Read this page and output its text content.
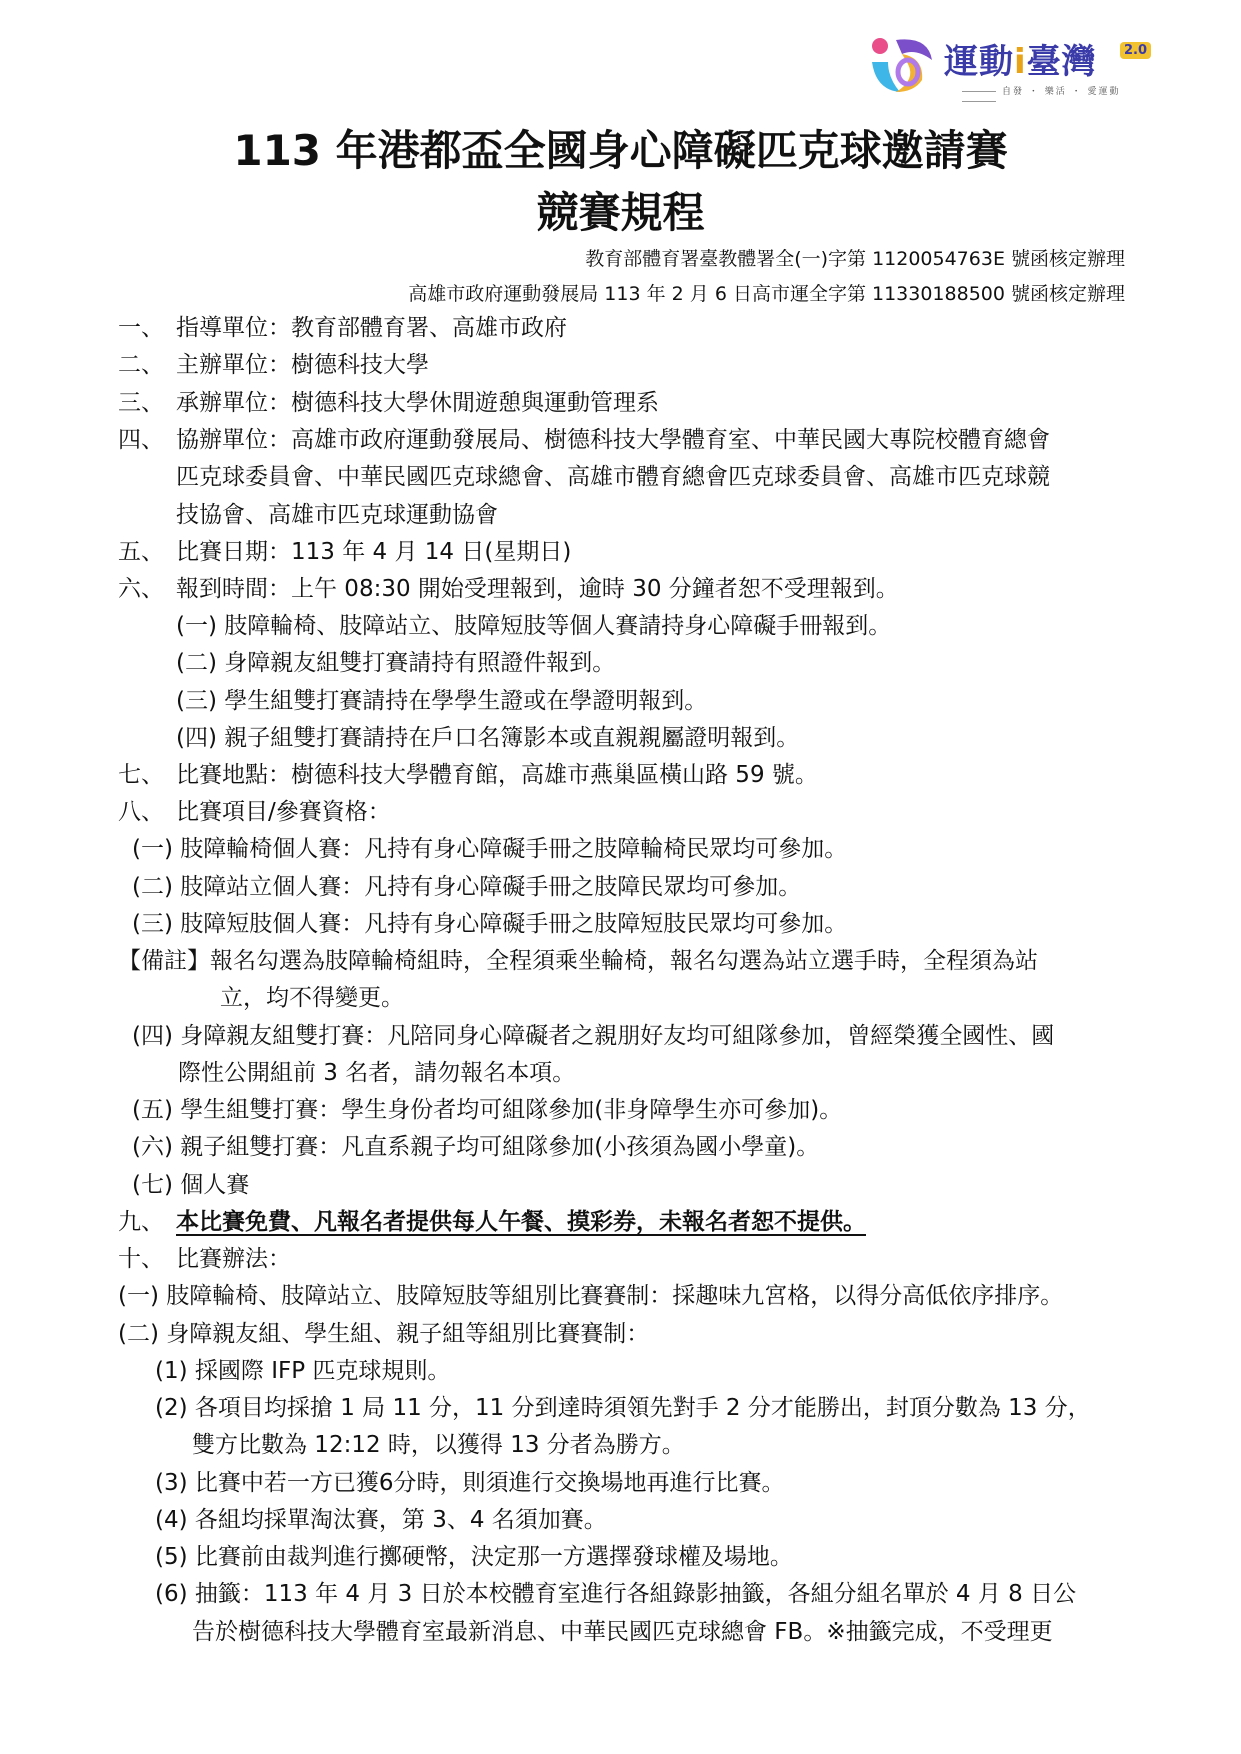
運動i臺灣	2.0
自發 ・ 樂活 ・ 愛運動
113 年港都盃全國身心障礙匹克球邀請賽
競賽規程
教育部體育署臺教體署全(一)字第 1120054763E 號函核定辦理
高雄市政府運動發展局 113 年 2 月 6 日高市運全字第 11330188500 號函核定辦理
一、 指導單位：教育部體育署、高雄市政府
二、 主辦單位：樹德科技大學
三、 承辦單位：樹德科技大學休閒遊憩與運動管理系
四、 協辦單位：高雄市政府運動發展局、樹德科技大學體育室、中華民國大專院校體育總會
匹克球委員會、中華民國匹克球總會、高雄市體育總會匹克球委員會、高雄市匹克球競
技協會、高雄市匹克球運動協會
五、 比賽日期：113 年 4 月 14 日(星期日)
六、 報到時間：上午 08:30 開始受理報到，逾時 30 分鐘者恕不受理報到。
(一) 肢障輪椅、肢障站立、肢障短肢等個人賽請持身心障礙手冊報到。
(二) 身障親友組雙打賽請持有照證件報到。
(三) 學生組雙打賽請持在學學生證或在學證明報到。
(四) 親子組雙打賽請持在戶口名簿影本或直親親屬證明報到。
七、 比賽地點：樹德科技大學體育館，高雄市燕巢區橫山路 59 號。
八、 比賽項目/參賽資格：
(一) 肢障輪椅個人賽：凡持有身心障礙手冊之肢障輪椅民眾均可參加。
(二) 肢障站立個人賽：凡持有身心障礙手冊之肢障民眾均可參加。
(三) 肢障短肢個人賽：凡持有身心障礙手冊之肢障短肢民眾均可參加。
【備註】報名勾選為肢障輪椅組時，全程須乘坐輪椅，報名勾選為站立選手時，全程須為站
立，均不得變更。
(四) 身障親友組雙打賽：凡陪同身心障礙者之親朋好友均可組隊參加，曾經榮獲全國性、國
際性公開組前 3 名者，請勿報名本項。
(五) 學生組雙打賽：學生身份者均可組隊參加(非身障學生亦可參加)。
(六) 親子組雙打賽：凡直系親子均可組隊參加(小孩須為國小學童)。
(七) 個人賽
九、 本比賽免費、凡報名者提供每人午餐、摸彩券，未報名者恕不提供。
十、 比賽辦法：
(一) 肢障輪椅、肢障站立、肢障短肢等組別比賽賽制：採趣味九宮格，以得分高低依序排序。
(二) 身障親友組、學生組、親子組等組別比賽賽制：
(1) 採國際 IFP 匹克球規則。
(2) 各項目均採搶 1 局 11 分，11 分到達時須領先對手 2 分才能勝出，封頂分數為 13 分，
雙方比數為 12:12 時，以獲得 13 分者為勝方。
(3) 比賽中若一方已獲6分時，則須進行交換場地再進行比賽。
(4) 各組均採單淘汰賽，第 3、4 名須加賽。
(5) 比賽前由裁判進行擲硬幣，決定那一方選擇發球權及場地。
(6) 抽籤：113 年 4 月 3 日於本校體育室進行各組錄影抽籤，各組分組名單於 4 月 8 日公
告於樹德科技大學體育室最新消息、中華民國匹克球總會 FB。※抽籤完成，不受理更
